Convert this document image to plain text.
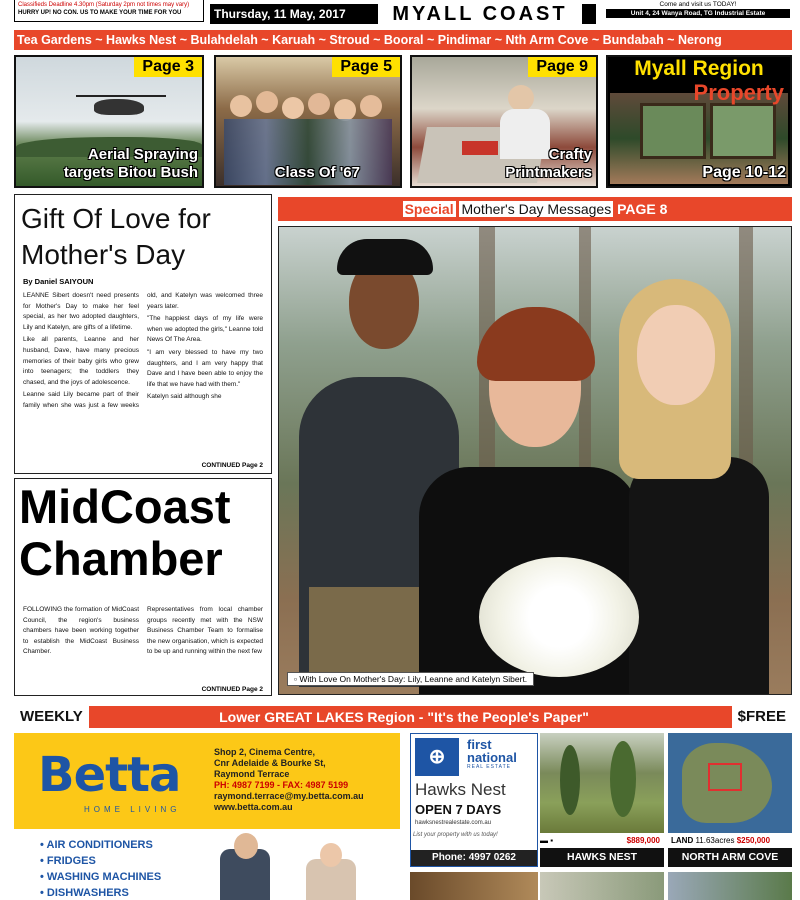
Classifieds Deadline 4.30pm (Saturday 2pm not times may vary)
HURRY UP! NO CON. US TO MAKE YOUR TIME FOR YOU	Thursday, 11 May, 2017	MYALL COAST	Come and visit us TODAY!
Unit 4, 24 Wanya Road, TG Industrial Estate
Tea Gardens ~ Hawks Nest ~ Bulahdelah ~ Karuah ~ Stroud ~ Booral ~ Pindimar ~ Nth Arm Cove ~ Bundabah ~ Nerong
Page 3
Aerial Spraying
targets Bitou Bush
Page 5
Class Of '67
Page 9
Crafty
Printmakers
Myall Region
Property
Page 10-12
Gift Of Love for Mother's Day
By Daniel SAIYOUN

LEANNE Sibert doesn't need presents for Mother's Day to make her feel special, as her two adopted daughters, Lily and Katelyn, are gifts of a lifetime.

Like all parents, Leanne and her husband, Dave, have many precious memories of their baby girls who grew into teenagers; the toddlers they chased, and the joys of adolescence.

Leanne said Lily became part of their family when she was just a few weeks old, and Katelyn was welcomed three years later.

"The happiest days of my life were when we adopted the girls," Leanne told News Of The Area.

"I am very blessed to have my two daughters, and I am very happy that Dave and I have been able to enjoy the life that we have had with them."

Katelyn said although she

CONTINUED Page 2
Special Mother's Day Messages PAGE 8
▫ With Love On Mother's Day: Lily, Leanne and Katelyn Sibert.
MidCoast
Chamber

FOLLOWING the formation of MidCoast Council, the region's business chambers have been working together to establish the MidCoast Business Chamber.

Representatives from local chamber groups recently met with the NSW Business Chamber Team to formalise the new organisation, which is expected to be up and running within the next few

CONTINUED Page 2
WEEKLY	Lower GREAT LAKES Region - "It's the People's Paper"	$FREE
Betta
HOME LIVING
Shop 2, Cinema Centre,
Cnr Adelaide & Bourke St,
Raymond Terrace
PH: 4987 7199 - FAX: 4987 5199
raymond.terrace@my.betta.com.au
www.betta.com.au
• AIR CONDITIONERS
• FRIDGES
• WASHING MACHINES
• DISHWASHERS
⊕
first
national
REAL ESTATE
Hawks Nest
OPEN 7 DAYS
hawksnestrealestate.com.au
List your property with us today!
Phone: 4997 0262
▬ ▪	$889,000
HAWKS NEST
LAND 11.63acres $250,000
NORTH ARM COVE
